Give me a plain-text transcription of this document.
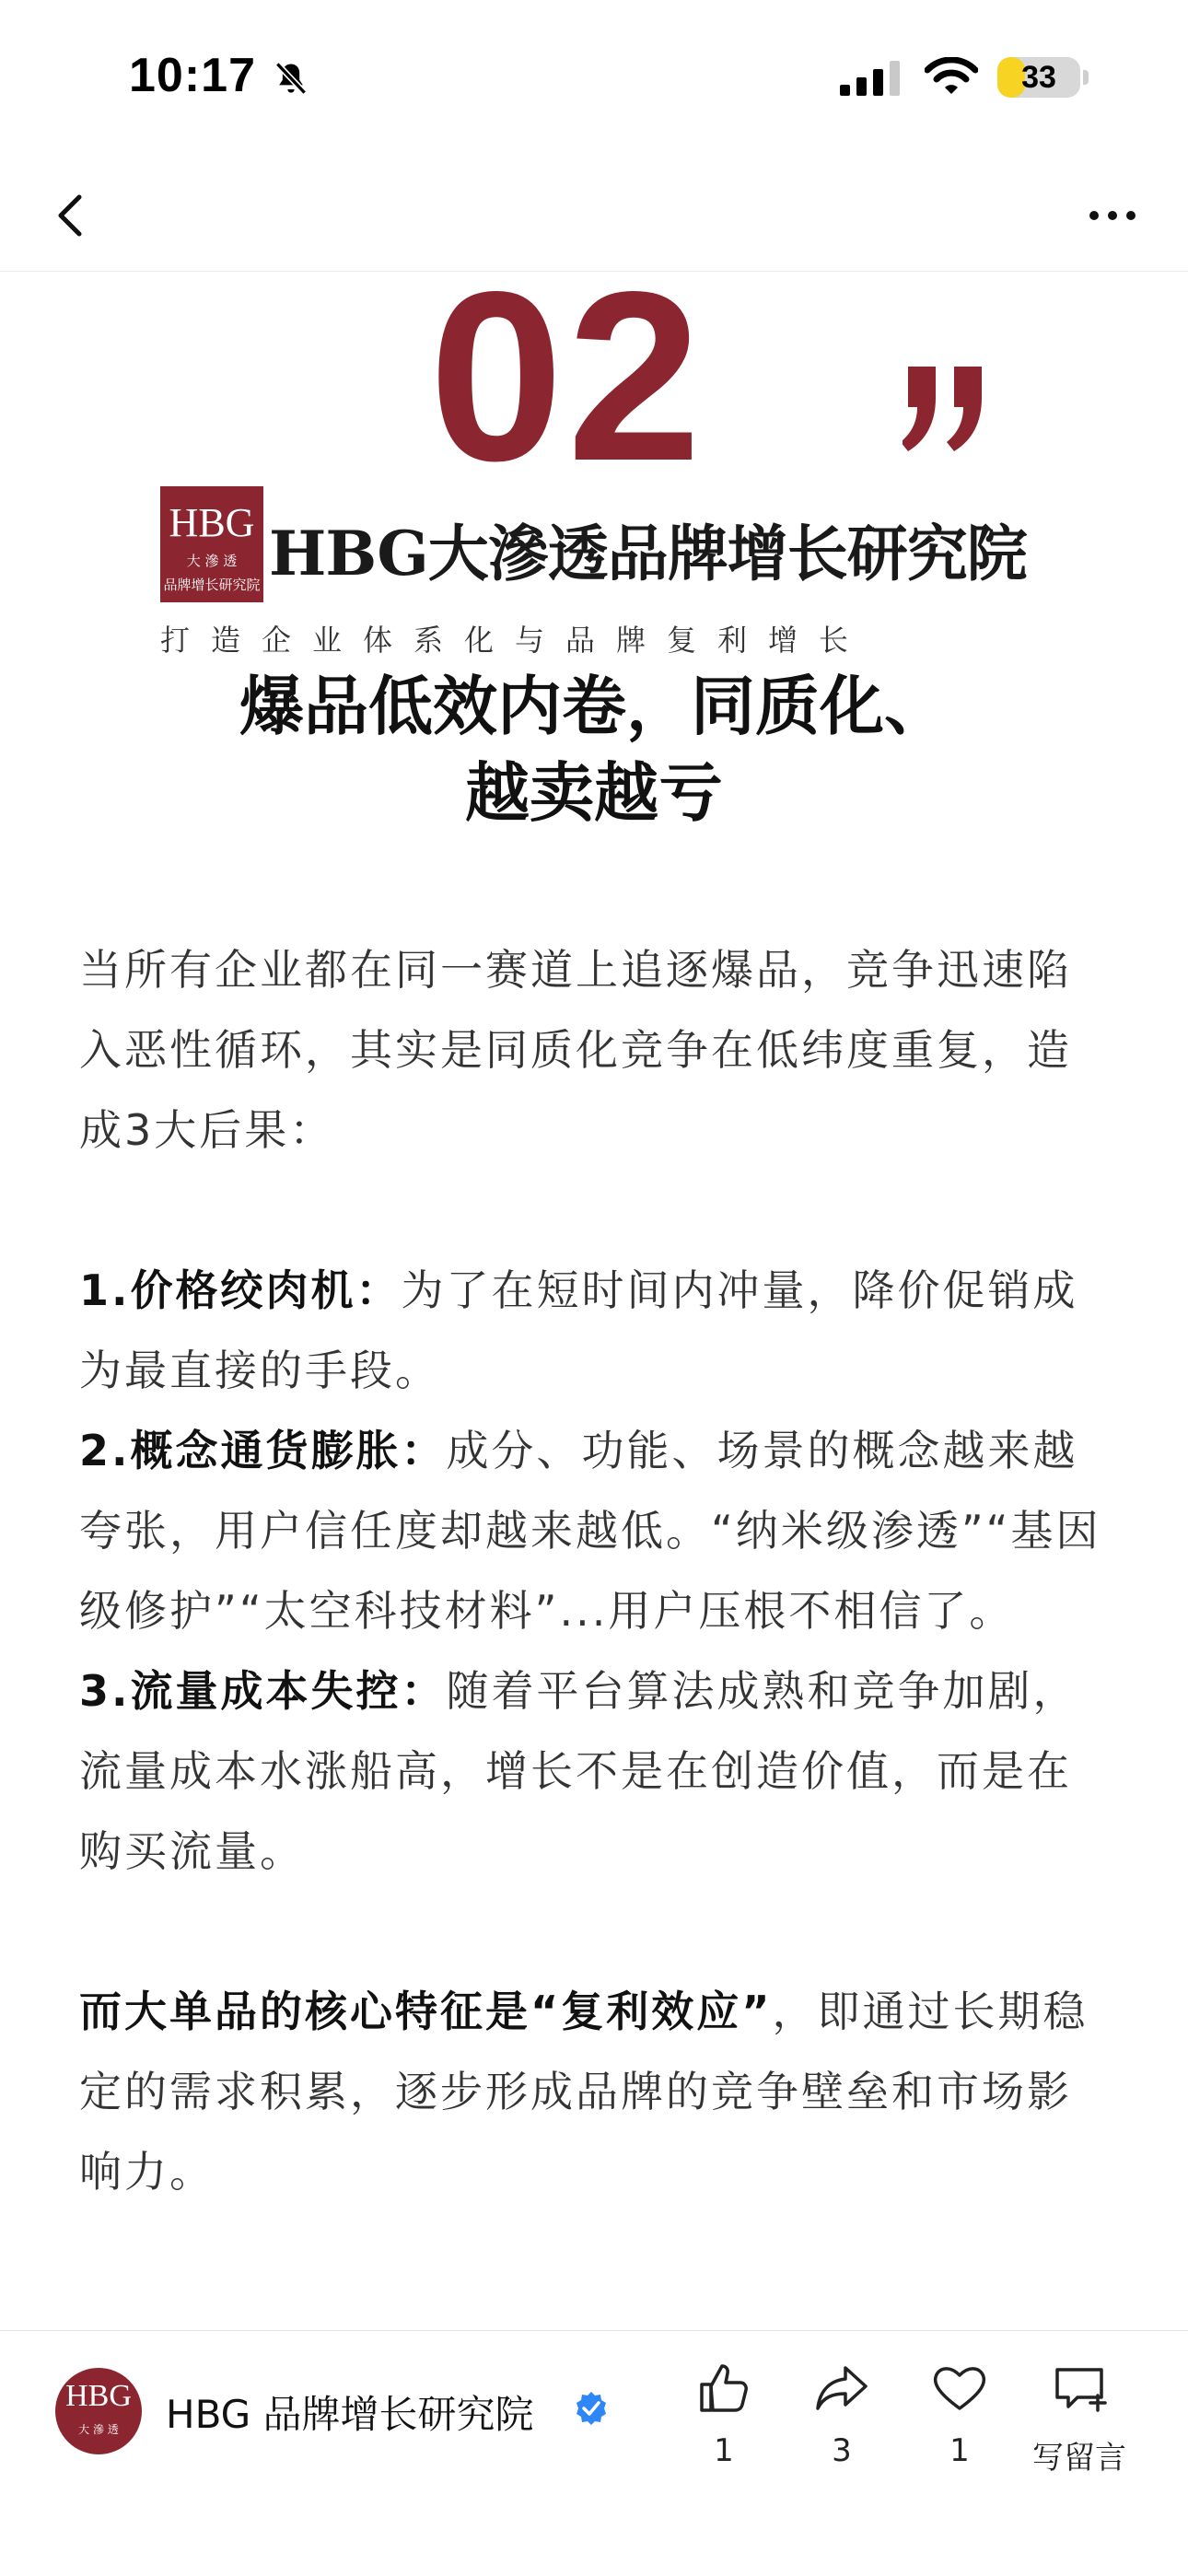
10:17	33
02
HBG
大 滲 透
品牌增长研究院 HBG大滲透品牌增长研究院
打造企业体系化与品牌复利增长
爆品低效内卷，同质化、
越卖越亏

当所有企业都在同一赛道上追逐爆品，竞争迅速陷入恶性循环，其实是同质化竞争在低纬度重复，造成3大后果：

1.价格绞肉机：为了在短时间内冲量，降价促销成为最直接的手段。

2.概念通货膨胀：成分、功能、场景的概念越来越夸张，用户信任度却越来越低。“纳米级渗透”“基因级修护”“太空科技材料”...用户压根不相信了。

3.流量成本失控：随着平台算法成熟和竞争加剧，流量成本水涨船高，增长不是在创造价值，而是在购买流量。

而大单品的核心特征是“复利效应”，即通过长期稳定的需求积累，逐步形成品牌的竞争壁垒和市场影响力。

HBG
大 滲 透	HBG 品牌增长研究院
1	3	1	写留言
